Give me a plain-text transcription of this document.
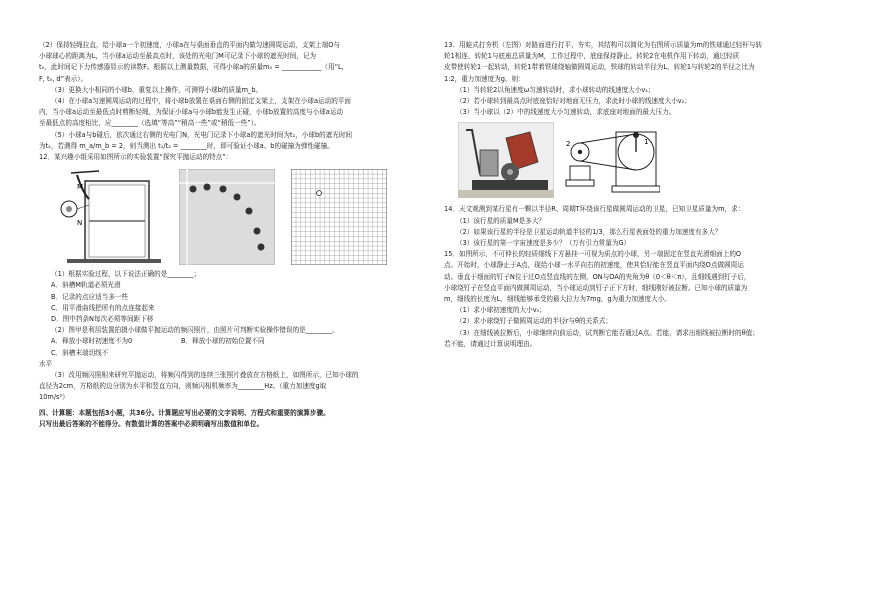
（2）保持轻绳拉直，给小球a一个初速度，小球a在与桌面垂直的平面内做匀速圆周运动，支架上端O与

小球球心的距离为L，当小球a运动至最高点时，该处的光电门M可记录下小球的遮光时间，记为

t₀，此时间记下力传感器显示的读数F。根据以上测量数据，可得小球a的质量m₀ = ____________（用“L,

F, t₀, d”表示）。

（3）更换大小相同的小球b，重复以上操作，可测得小球b的质量m_b。

（4）在小球a匀速圆周运动的过程中，将小球b放置在桌面右侧的固定支架上，支架在小球a运动的平面

内，当小球a运动至最低点时剪断轻绳，为保证小球a与小球b能发生正碰，小球b放置的高度与小球a运动

至最低点的高度相比，应________（选填“等高”“稍高一些”或“稍低一些”）。

（5）小球a与b碰后，依次通过右侧的光电门N，光电门记录下小球a的遮光时间为t₁，小球b的遮光时间

为t₂，若测得 m_a/m_b = 2，则当测出 t₁/t₂ = ________时，即可验证小球a、b的碰撞为弹性碰撞。

12．某兴趣小组采用如图所示的实验装置“探究平抛运动的特点”：

M
N

（1）根据实验过程，以下说法正确的是________；

A．斜槽M轨道必须光滑

B．记录的点应适当多一些

C．用平滑曲线把所有的点连接起来

D．图中挡条N每次必须等间距下移

（2）图甲是利用装置拍摄小球做平抛运动的频闪照片，由照片可判断实验操作错误的是________。

A．释放小球时初速度不为0	B．释放小球的初始位置不同C．斜槽末端切线不

水平

（3）改用频闪照相来研究平抛运动，将频闪得到的连续三张照片叠放在方格纸上，如图所示，已知小球的

直径为2cm，方格纸的边分别为水平和竖直方向，则频闪相机频率为________Hz。（重力加速度g取

10m/s²）

四、计算题：本题包括3小题，共36分。计算题应写出必要的文字说明、方程式和重要的演算步骤。

只写出最后答案的不能得分。有数值计算的答案中必须明确写出数值和单位。

13．用蛙式打夯机（左图）对路面进行打平、夯实，其结构可以简化为右图所示质量为m的铁球通过轻杆与转

轮1相连，转轮1与底座总质量为M，工作过程中，底座保持静止。转轮2在电机作用下转动，通过轻质

皮带使转轮1一起转动，转轮1带着铁球绕轴做圆周运动，铁球的转动半径为L，转轮1与转轮2的半径之比为

1:2，重力加速度为g，则：

（1）当转轮2以角速度ω匀速转动时，求小球转动的线速度大小v₁；

（2）若小球转到最高点时底座恰好对地面无压力，求此时小球的线速度大小v₂；

（3）当小球以（2）中的线速度大小匀速转动，求底座对地面的最大压力。

2	1

14．天文观测到某行星有一颗以半径R、周期T环绕该行星做圆周运动的卫星，已知卫星质量为m，求：

（1）该行星的质量M是多大？

（2）如果该行星的半径是卫星运动轨道半径的1/3，那么行星表面处的重力加速度有多大？

（3）该行星的第一宇宙速度是多少？（万有引力常量为G）

15．如图所示，不可伸长的轻质细线下方悬挂一可视为质点的小球，另一端固定在竖直光滑细面上的O

点。开始时，小球静止于A点，现给小球一水平向右的初速度，使其恰好能在竖直平面内绕O点做圆周运

动。垂直于细面的钉子N位于过O点竖直线的左侧，ON与OA的夹角为θ（0＜θ＜π），且细线遇到钉子后，

小球绕钉子在竖直平面内做圆周运动，当小球运动到钉子正下方时，细线刚好被拉断。已知小球的质量为

m，细线的长度为L，细线能够承受的最大拉力为7mg，g为重力加速度大小。

（1）求小球初速度的大小v₀；

（2）求小球绕钉子做圆周运动的半径r与θ的关系式；

（3）在细线被拉断后，小球继续向前运动，试判断它能否通过A点。若能，请求出细线被拉断时的θ值；

若不能，请通过计算说明理由。
